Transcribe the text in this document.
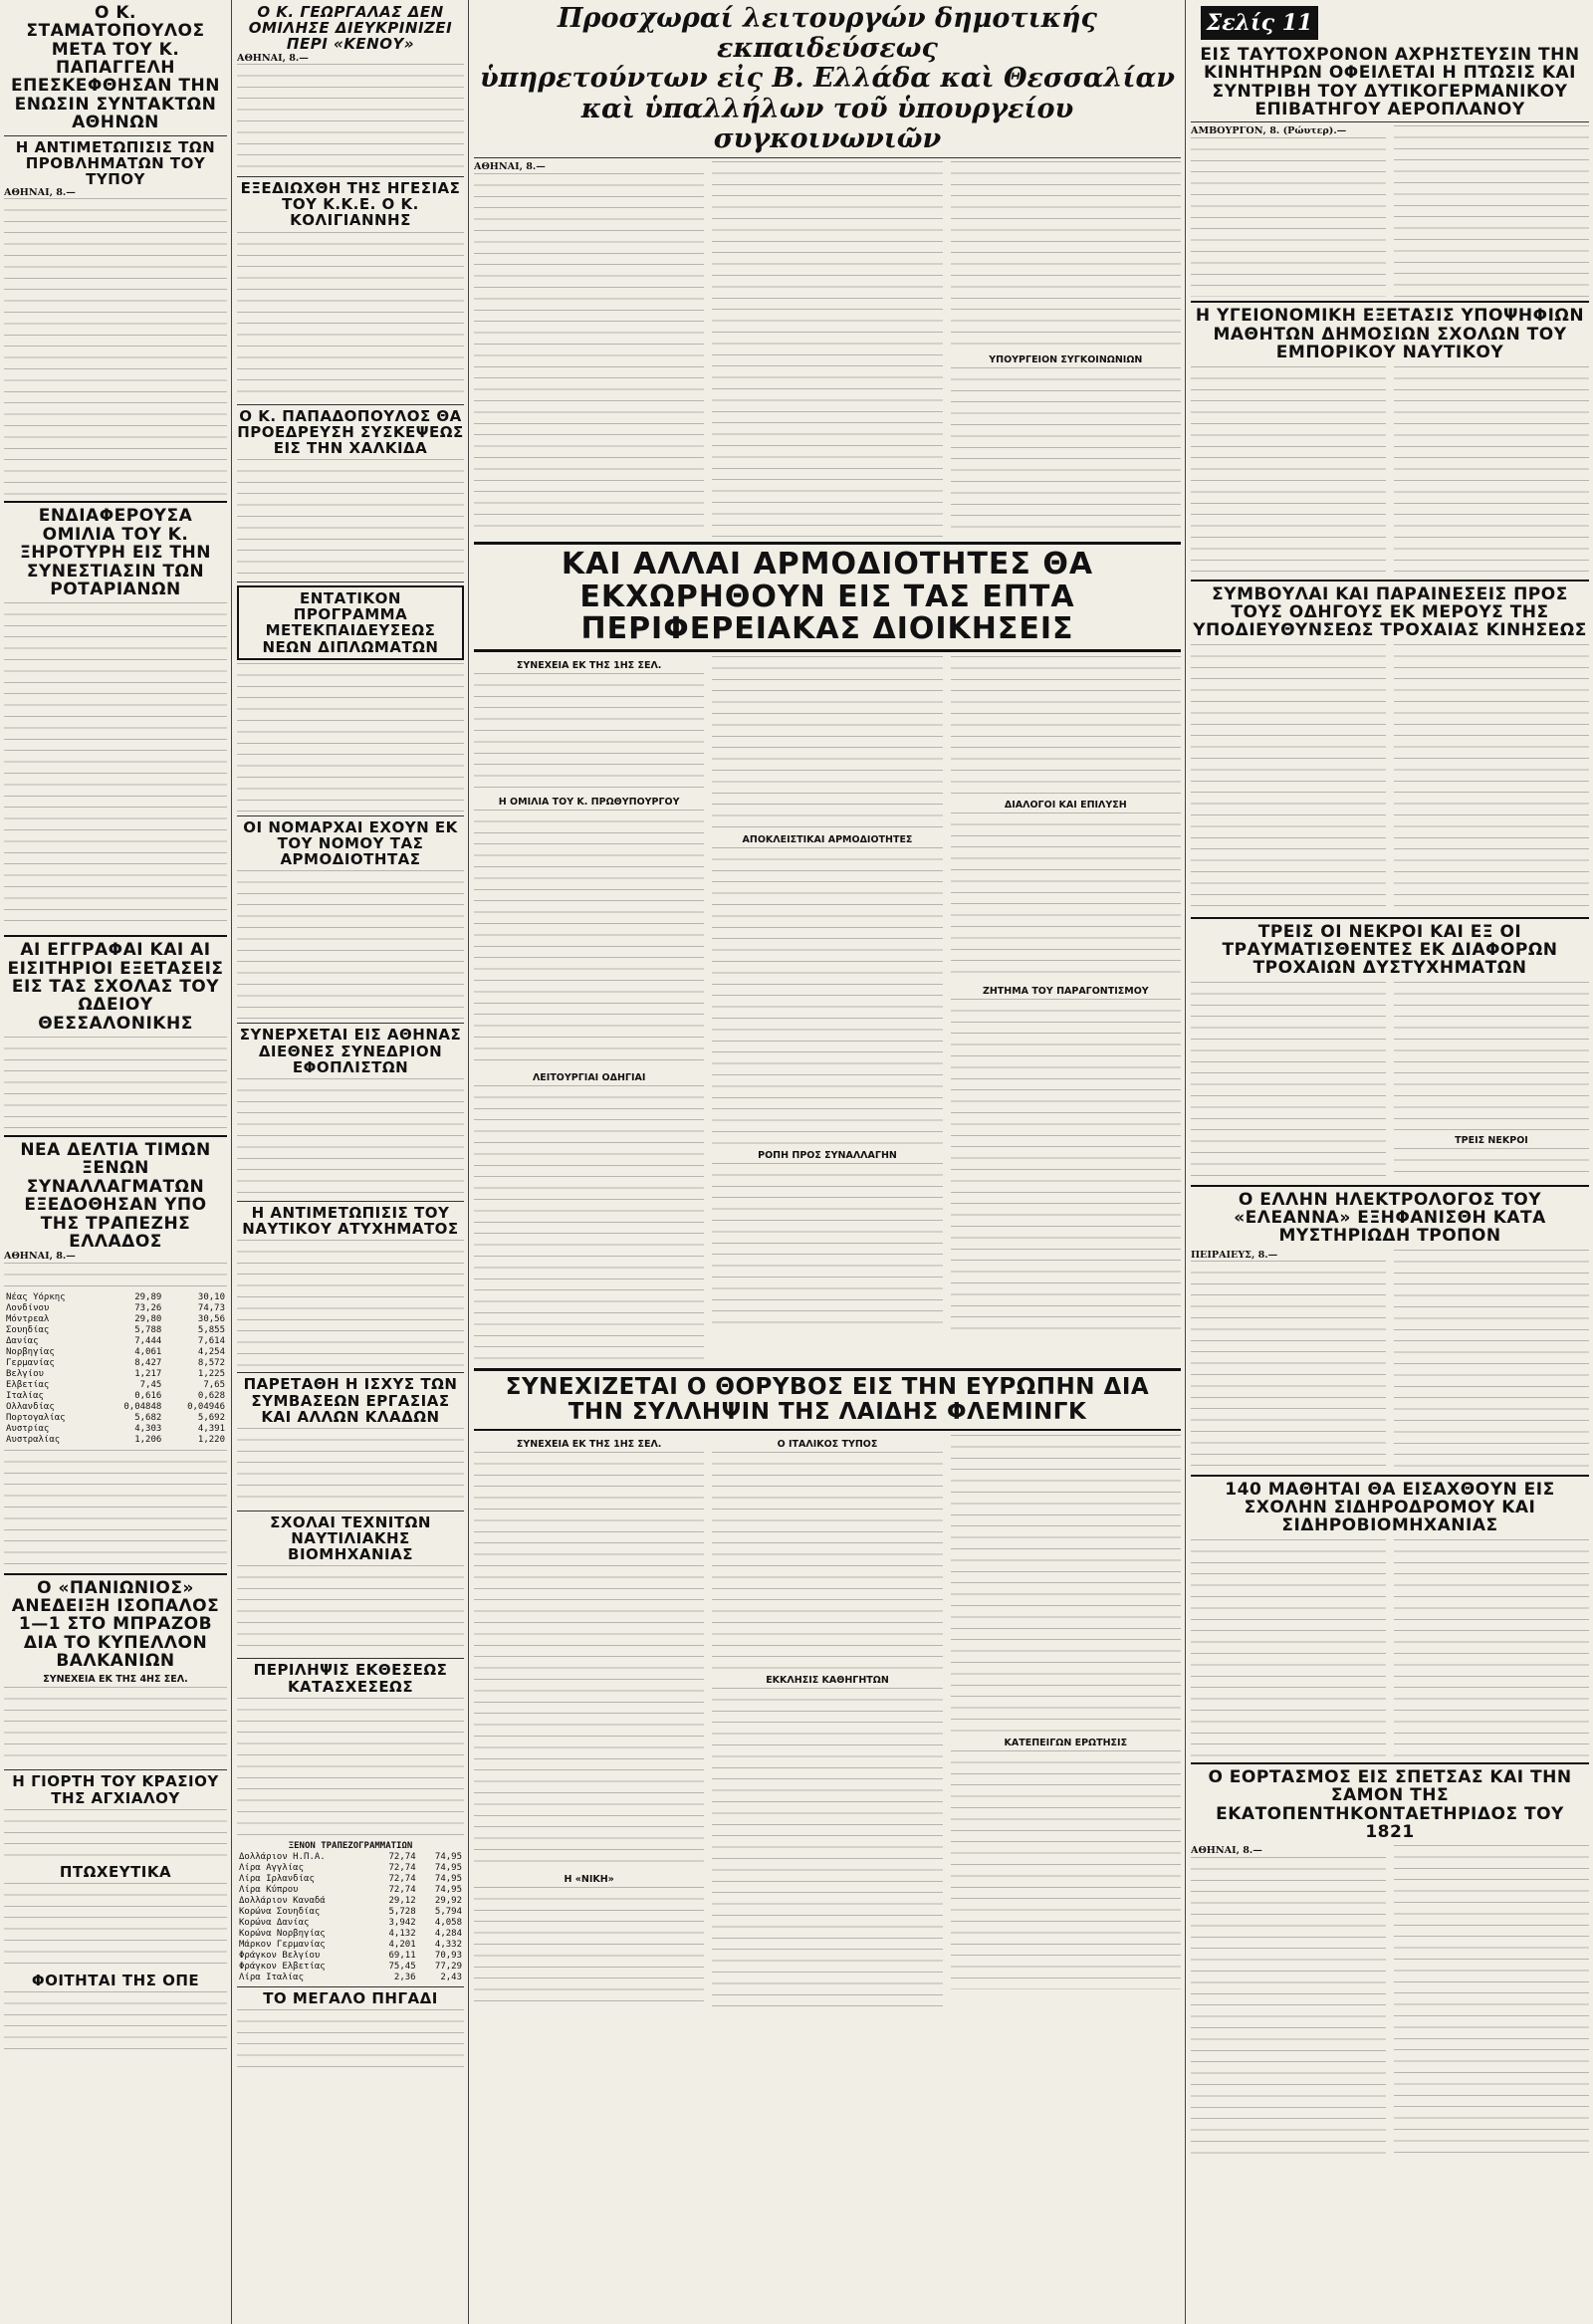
Ο Κ. ΣΤΑΜΑΤΟΠΟΥΛΟΣ ΜΕΤΑ ΤΟΥ Κ. ΠΑΠΑΓΓΕΛΗ ΕΠΕΣΚΕΦΘΗΣΑΝ ΤΗΝ ΕΝΩΣΙΝ ΣΥΝΤΑΚΤΩΝ ΑΘΗΝΩΝ
Η ΑΝΤΙΜΕΤΩΠΙΣΙΣ ΤΩΝ ΠΡΟΒΛΗΜΑΤΩΝ ΤΟΥ ΤΥΠΟΥ

ΑΘΗΝΑΙ, 8.—

ΕΝΔΙΑΦΕΡΟΥΣΑ ΟΜΙΛΙΑ ΤΟΥ Κ. ΞΗΡΟΤΥΡΗ ΕΙΣ ΤΗΝ ΣΥΝΕΣΤΙΑΣΙΝ ΤΩΝ ΡΟΤΑΡΙΑΝΩΝ
ΑΙ ΕΓΓΡΑΦΑΙ ΚΑΙ ΑΙ ΕΙΣΙΤΗΡΙΟΙ ΕΞΕΤΑΣΕΙΣ ΕΙΣ ΤΑΣ ΣΧΟΛΑΣ ΤΟΥ ΩΔΕΙΟΥ ΘΕΣΣΑΛΟΝΙΚΗΣ
ΝΕΑ ΔΕΛΤΙΑ ΤΙΜΩΝ ΞΕΝΩΝ ΣΥΝΑΛΛΑΓΜΑΤΩΝ ΕΞΕΔΟΘΗΣΑΝ ΥΠΟ ΤΗΣ ΤΡΑΠΕΖΗΣ ΕΛΛΑΔΟΣ

ΑΘΗΝΑΙ, 8.—

Νέας Υόρκης	29,89	30,10
Λονδίνου	73,26	74,73
Μόντρεαλ	29,80	30,56
Σουηδίας	5,788	5,855
Δανίας	7,444	7,614
Νορβηγίας	4,061	4,254
Γερμανίας	8,427	8,572
Βελγίου	1,217	1,225
Ελβετίας	7,45	7,65
Ιταλίας	0,616	0,628
Ολλανδίας	0,04848	0,04946
Πορτογαλίας	5,682	5,692
Αυστρίας	4,303	4,391
Αυστραλίας	1,206	1,220
Ο «ΠΑΝΙΩΝΙΟΣ» ΑΝΕΔΕΙΞΗ ΙΣΟΠΑΛΟΣ 1—1 ΣΤΟ ΜΠΡΑΖΟΒ ΔΙΑ ΤΟ ΚΥΠΕΛΛΟΝ ΒΑΛΚΑΝΙΩΝ
ΣΥΝΕΧΕΙΑ ΕΚ ΤΗΣ 4ΗΣ ΣΕΛ.
Η ΓΙΟΡΤΗ ΤΟΥ ΚΡΑΣΙΟΥ ΤΗΣ ΑΓΧΙΑΛΟΥ
ΠΤΩΧΕΥΤΙΚΑ
ΦΟΙΤΗΤΑΙ ΤΗΣ ΟΠΕ
Ο Κ. ΓΕΩΡΓΑΛΑΣ ΔΕΝ ΟΜΙΛΗΣΕ ΔΙΕΥΚΡΙΝΙΖΕΙ ΠΕΡΙ «ΚΕΝΟΥ»

ΑΘΗΝΑΙ, 8.—

ΕΞΕΔΙΩΧΘΗ ΤΗΣ ΗΓΕΣΙΑΣ ΤΟΥ Κ.Κ.Ε. Ο Κ. ΚΟΛΙΓΙΑΝΝΗΣ
Ο Κ. ΠΑΠΑΔΟΠΟΥΛΟΣ ΘΑ ΠΡΟΕΔΡΕΥΣΗ ΣΥΣΚΕΨΕΩΣ ΕΙΣ ΤΗΝ ΧΑΛΚΙΔΑ
ΕΝΤΑΤΙΚΟΝ ΠΡΟΓΡΑΜΜΑ ΜΕΤΕΚΠΑΙΔΕΥΣΕΩΣ ΝΕΩΝ ΔΙΠΛΩΜΑΤΩΝ
ΟΙ ΝΟΜΑΡΧΑΙ ΕΧΟΥΝ ΕΚ ΤΟΥ ΝΟΜΟΥ ΤΑΣ ΑΡΜΟΔΙΟΤΗΤΑΣ
ΣΥΝΕΡΧΕΤΑΙ ΕΙΣ ΑΘΗΝΑΣ ΔΙΕΘΝΕΣ ΣΥΝΕΔΡΙΟΝ ΕΦΟΠΛΙΣΤΩΝ
Η ΑΝΤΙΜΕΤΩΠΙΣΙΣ ΤΟΥ ΝΑΥΤΙΚΟΥ ΑΤΥΧΗΜΑΤΟΣ
ΠΑΡΕΤΑΘΗ Η ΙΣΧΥΣ ΤΩΝ ΣΥΜΒΑΣΕΩΝ ΕΡΓΑΣΙΑΣ ΚΑΙ ΑΛΛΩΝ ΚΛΑΔΩΝ
ΣΧΟΛΑΙ ΤΕΧΝΙΤΩΝ ΝΑΥΤΙΛΙΑΚΗΣ ΒΙΟΜΗΧΑΝΙΑΣ
ΠΕΡΙΛΗΨΙΣ ΕΚΘΕΣΕΩΣ ΚΑΤΑΣΧΕΣΕΩΣ
ΞΕΝΟΝ ΤΡΑΠΕΖΟΓΡΑΜΜΑΤΙΩΝ		
Δολλάριον Η.Π.Α.	72,74	74,95
Λίρα Αγγλίας	72,74	74,95
Λίρα Ιρλανδίας	72,74	74,95
Λίρα Κύπρου	72,74	74,95
Δολλάριον Καναδά	29,12	29,92
Κορώνα Σουηδίας	5,728	5,794
Κορώνα Δανίας	3,942	4,058
Κορώνα Νορβηγίας	4,132	4,284
Μάρκον Γερμανίας	4,201	4,332
Φράγκον Βελγίου	69,11	70,93
Φράγκον Ελβετίας	75,45	77,29
Λίρα Ιταλίας	2,36	2,43
ΤΟ ΜΕΓΑΛΟ ΠΗΓΑΔΙ
Προσχωραί λειτουργών δημοτικής εκπαιδεύσεως
ὑπηρετούντων εἰς Β. Ελλάδα καὶ Θεσσαλίαν
καὶ ὑπαλλήλων τοῦ ὑπουργείου συγκοινωνιῶν

ΑΘΗΝΑΙ, 8.—

ΥΠΟΥΡΓΕΙΟΝ ΣΥΓΚΟΙΝΩΝΙΩΝ
ΚΑΙ ΑΛΛΑΙ ΑΡΜΟΔΙΟΤΗΤΕΣ ΘΑ ΕΚΧΩΡΗΘΟΥΝ ΕΙΣ ΤΑΣ ΕΠΤΑ ΠΕΡΙΦΕΡΕΙΑΚΑΣ ΔΙΟΙΚΗΣΕΙΣ
ΣΥΝΕΧΕΙΑ ΕΚ ΤΗΣ 1ΗΣ ΣΕΛ.
Η ΟΜΙΛΙΑ ΤΟΥ Κ. ΠΡΩΘΥΠΟΥΡΓΟΥ
ΛΕΙΤΟΥΡΓΙΑΙ ΟΔΗΓΙΑΙ
ΑΠΟΚΛΕΙΣΤΙΚΑΙ ΑΡΜΟΔΙΟΤΗΤΕΣ
ΡΟΠΗ ΠΡΟΣ ΣΥΝΑΛΛΑΓΗΝ
ΔΙΑΛΟΓΟΙ ΚΑΙ ΕΠΙΛΥΣΗ
ΖΗΤΗΜΑ ΤΟΥ ΠΑΡΑΓΟΝΤΙΣΜΟΥ
ΣΥΝΕΧΙΖΕΤΑΙ Ο ΘΟΡΥΒΟΣ ΕΙΣ ΤΗΝ ΕΥΡΩΠΗΝ ΔΙΑ ΤΗΝ ΣΥΛΛΗΨΙΝ ΤΗΣ ΛΑΙΔΗΣ ΦΛΕΜΙΝΓΚ
ΣΥΝΕΧΕΙΑ ΕΚ ΤΗΣ 1ΗΣ ΣΕΛ.
Η «ΝΙΚΗ»
Ο ΙΤΑΛΙΚΟΣ ΤΥΠΟΣ
ΕΚΚΛΗΣΙΣ ΚΑΘΗΓΗΤΩΝ
ΚΑΤΕΠΕΙΓΩΝ ΕΡΩΤΗΣΙΣ
Σελίς 11
ΕΙΣ ΤΑΥΤΟΧΡΟΝΟΝ ΑΧΡΗΣΤΕΥΣΙΝ ΤΗΝ ΚΙΝΗΤΗΡΩΝ ΟΦΕΙΛΕΤΑΙ Η ΠΤΩΣΙΣ ΚΑΙ ΣΥΝΤΡΙΒΗ ΤΟΥ ΔΥΤΙΚΟΓΕΡΜΑΝΙΚΟΥ ΕΠΙΒΑΤΗΓΟΥ ΑΕΡΟΠΛΑΝΟΥ

ΑΜΒΟΥΡΓΟΝ, 8. (Ρώυτερ).—

Η ΥΓΕΙΟΝΟΜΙΚΗ ΕΞΕΤΑΣΙΣ ΥΠΟΨΗΦΙΩΝ ΜΑΘΗΤΩΝ ΔΗΜΟΣΙΩΝ ΣΧΟΛΩΝ ΤΟΥ ΕΜΠΟΡΙΚΟΥ ΝΑΥΤΙΚΟΥ
ΣΥΜΒΟΥΛΑΙ ΚΑΙ ΠΑΡΑΙΝΕΣΕΙΣ ΠΡΟΣ ΤΟΥΣ ΟΔΗΓΟΥΣ ΕΚ ΜΕΡΟΥΣ ΤΗΣ ΥΠΟΔΙΕΥΘΥΝΣΕΩΣ ΤΡΟΧΑΙΑΣ ΚΙΝΗΣΕΩΣ
ΤΡΕΙΣ ΟΙ ΝΕΚΡΟΙ ΚΑΙ ΕΞ ΟΙ ΤΡΑΥΜΑΤΙΣΘΕΝΤΕΣ ΕΚ ΔΙΑΦΟΡΩΝ ΤΡΟΧΑΙΩΝ ΔΥΣΤΥΧΗΜΑΤΩΝ
ΤΡΕΙΣ ΝΕΚΡΟΙ
Ο ΕΛΛΗΝ ΗΛΕΚΤΡΟΛΟΓΟΣ ΤΟΥ «ΕΛΕΑΝΝΑ» ΕΞΗΦΑΝΙΣΘΗ ΚΑΤΑ ΜΥΣΤΗΡΙΩΔΗ ΤΡΟΠΟΝ

ΠΕΙΡΑΙΕΥΣ, 8.—

140 ΜΑΘΗΤΑΙ ΘΑ ΕΙΣΑΧΘΟΥΝ ΕΙΣ ΣΧΟΛΗΝ ΣΙΔΗΡΟΔΡΟΜΟΥ ΚΑΙ ΣΙΔΗΡΟΒΙΟΜΗΧΑΝΙΑΣ
Ο ΕΟΡΤΑΣΜΟΣ ΕΙΣ ΣΠΕΤΣΑΣ ΚΑΙ ΤΗΝ ΣΑΜΟΝ ΤΗΣ ΕΚΑΤΟΠΕΝΤΗΚΟΝΤΑΕΤΗΡΙΔΟΣ ΤΟΥ 1821

ΑΘΗΝΑΙ, 8.—
